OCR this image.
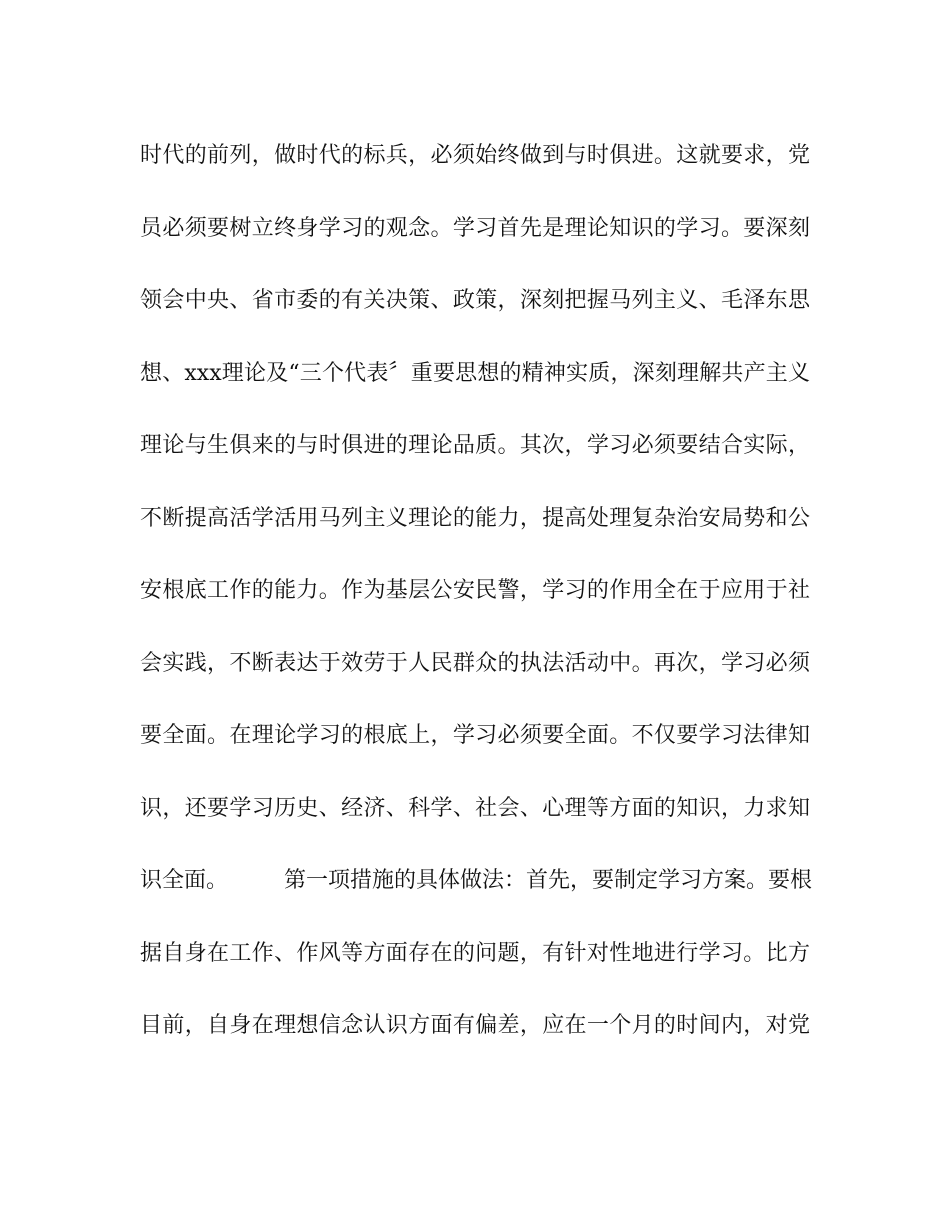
时代的前列，做时代的标兵，必须始终做到与时俱进。这就要求，党
员必须要树立终身学习的观念。学习首先是理论知识的学习。要深刻
领会中央、省市委的有关决策、政策，深刻把握马列主义、毛泽东思
想、xxx理论及“三个代表〞重要思想的精神实质，深刻理解共产主义
理论与生俱来的与时俱进的理论品质。其次，学习必须要结合实际，
不断提高活学活用马列主义理论的能力，提高处理复杂治安局势和公
安根底工作的能力。作为基层公安民警，学习的作用全在于应用于社
会实践，不断表达于效劳于人民群众的执法活动中。再次，学习必须
要全面。在理论学习的根底上，学习必须要全面。不仅要学习法律知
识，还要学习历史、经济、科学、社会、心理等方面的知识，力求知
识全面。        第一项措施的具体做法：首先，要制定学习方案。要根
据自身在工作、作风等方面存在的问题，有针对性地进行学习。比方
目前，自身在理想信念认识方面有偏差，应在一个月的时间内，对党
